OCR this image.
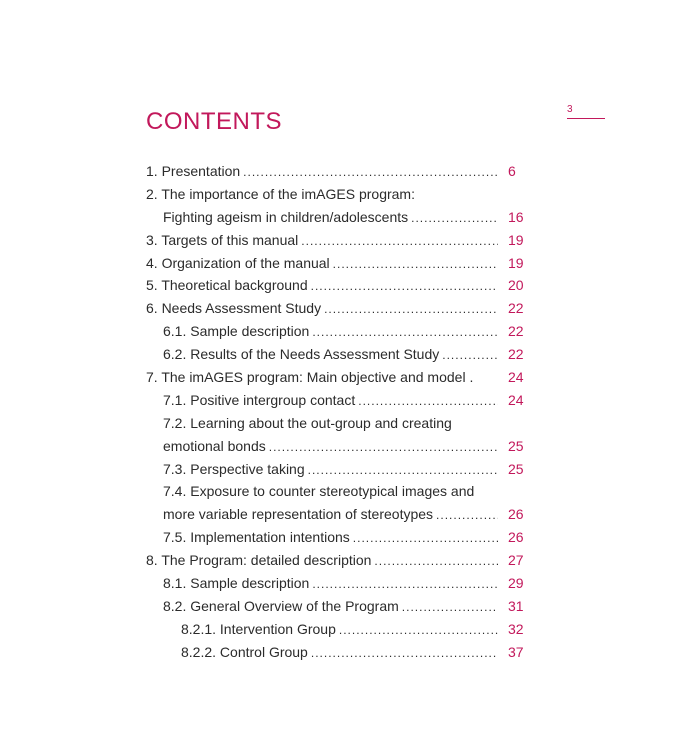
3
CONTENTS
1. Presentation .....	6
2. The importance of the imAGES program:
Fighting ageism in children/adolescents .....	16
3. Targets of this manual .....	19
4. Organization of the manual .....	19
5. Theoretical background .....	20
6. Needs Assessment Study .....	22
6.1. Sample description .....	22
6.2. Results of the Needs Assessment Study .....	22
7. The imAGES program: Main objective and model .	24
7.1. Positive intergroup contact .....	24
7.2. Learning about the out-group and creating
emotional bonds .....	25
7.3. Perspective taking .....	25
7.4. Exposure to counter stereotypical images and
more variable representation of stereotypes .....	26
7.5. Implementation intentions .....	26
8. The Program: detailed description .....	27
8.1. Sample description .....	29
8.2. General Overview of the Program .....	31
8.2.1. Intervention Group .....	32
8.2.2. Control Group .....	37
